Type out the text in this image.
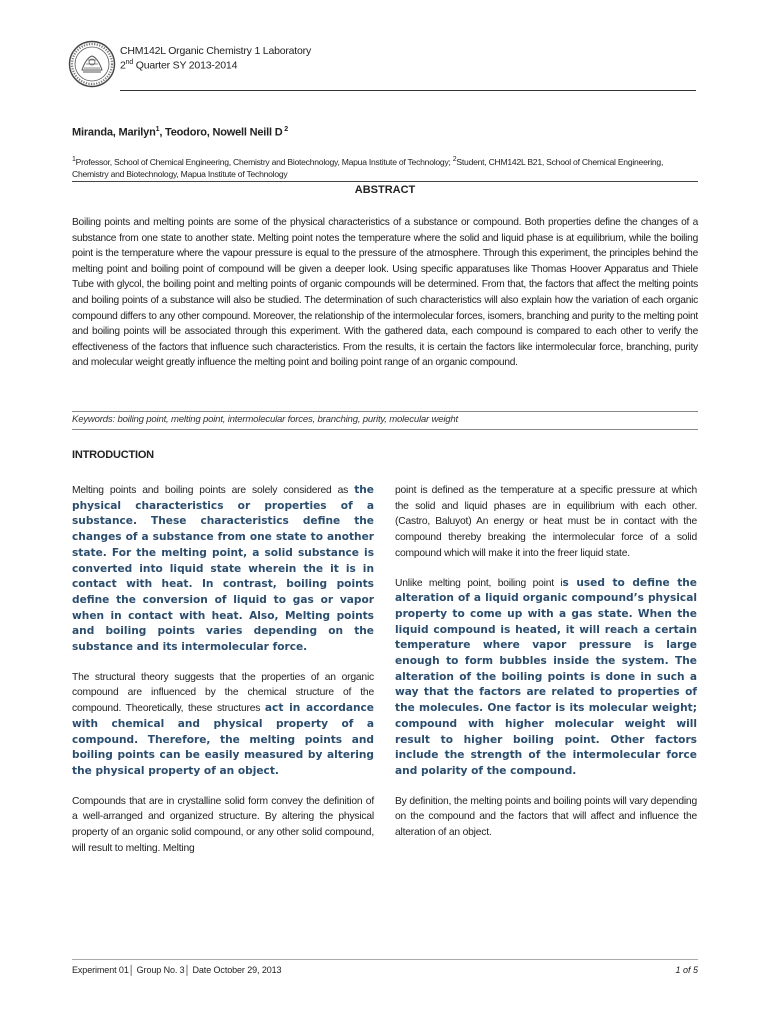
CHM142L Organic Chemistry 1 Laboratory
2nd Quarter SY 2013-2014
Miranda, Marilyn$^1$, Teodoro, Nowell Neill D $^2$
$^1$Professor, School of Chemical Engineering, Chemistry and Biotechnology, Mapua Institute of Technology; $^2$Student, CHM142L B21, School of Chemical Engineering, Chemistry and Biotechnology, Mapua Institute of Technology
ABSTRACT
Boiling points and melting points are some of the physical characteristics of a substance or compound. Both properties define the changes of a substance from one state to another state. Melting point notes the temperature where the solid and liquid phase is at equilibrium, while the boiling point is the temperature where the vapour pressure is equal to the pressure of the atmosphere. Through this experiment, the principles behind the melting point and boiling point of compound will be given a deeper look. Using specific apparatuses like Thomas Hoover Apparatus and Thiele Tube with glycol, the boiling point and melting points of organic compounds will be determined. From that, the factors that affect the melting points and boiling points of a substance will also be studied. The determination of such characteristics will also explain how the variation of each organic compound differs to any other compound. Moreover, the relationship of the intermolecular forces, isomers, branching and purity to the melting point and boiling points will be associated through this experiment. With the gathered data, each compound is compared to each other to verify the effectiveness of the factors that influence such characteristics. From the results, it is certain the factors like intermolecular force, branching, purity and molecular weight greatly influence the melting point and boiling point range of an organic compound.
Keywords: boiling point, melting point, intermolecular forces, branching, purity, molecular weight
INTRODUCTION

Melting points and boiling points are solely considered as the physical characteristics or properties of a substance. These characteristics define the changes of a substance from one state to another state. For the melting point, a solid substance is converted into liquid state wherein the it is in contact with heat. In contrast, boiling points define the conversion of liquid to gas or vapor when in contact with heat. Also, Melting points and boiling points varies depending on the substance and its intermolecular force.

The structural theory suggests that the properties of an organic compound are influenced by the chemical structure of the compound. Theoretically, these structures act in accordance with chemical and physical property of a compound. Therefore, the melting points and boiling points can be easily measured by altering the physical property of an object.

Compounds that are in crystalline solid form convey the definition of a well-arranged and organized structure. By altering the physical property of an organic solid compound, or any other solid compound, will result to melting. Melting

point is defined as the temperature at a specific pressure at which the solid and liquid phases are in equilibrium with each other. (Castro, Baluyot) An energy or heat must be in contact with the compound thereby breaking the intermolecular force of a solid compound which will make it into the freer liquid state.

Unlike melting point, boiling point is used to define the alteration of a liquid organic compound’s physical property to come up with a gas state. When the liquid compound is heated, it will reach a certain temperature where vapor pressure is large enough to form bubbles inside the system. The alteration of the boiling points is done in such a way that the factors are related to properties of the molecules. One factor is its molecular weight; compound with higher molecular weight will result to higher boiling point. Other factors include the strength of the intermolecular force and polarity of the compound.

By definition, the melting points and boiling points will vary depending on the compound and the factors that will affect and influence the alteration of an object.

Experiment 01│ Group No. 3│ Date October 29, 2013	1 of 5
